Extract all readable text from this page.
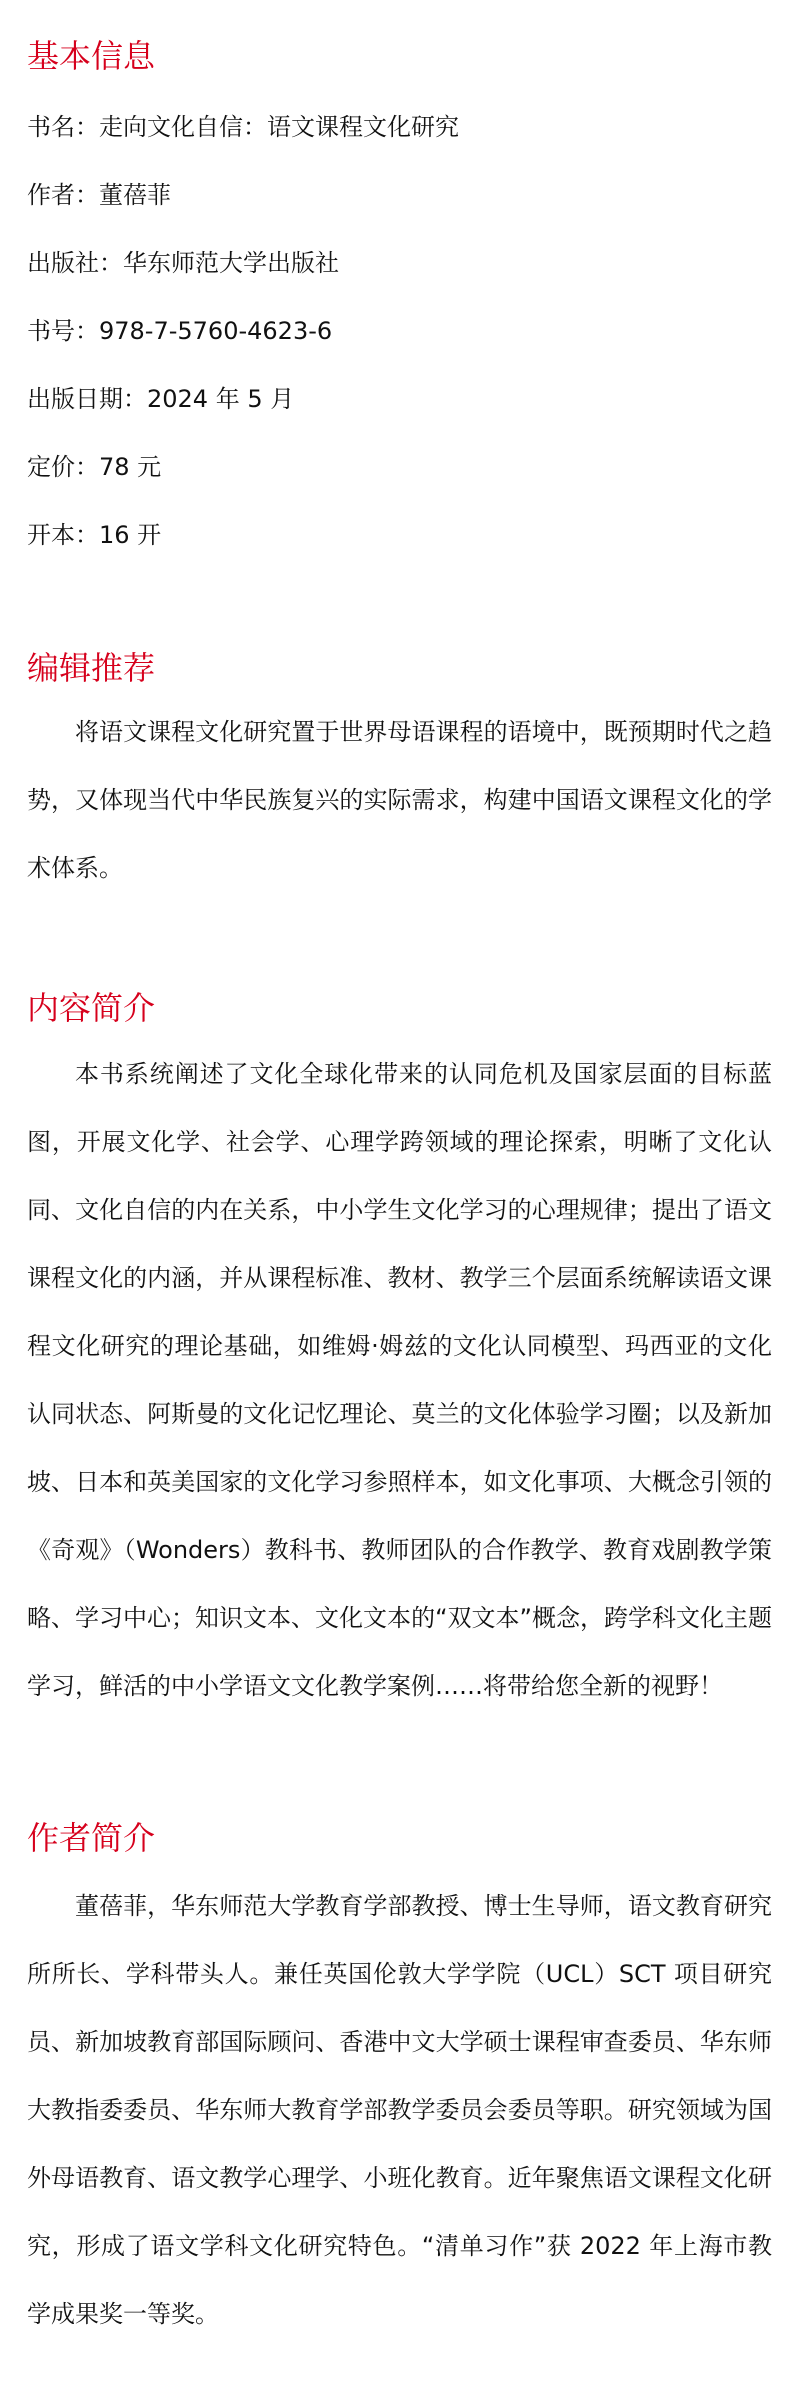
基本信息

书名：走向文化自信：语文课程文化研究

作者：董蓓菲

出版社：华东师范大学出版社

书号：978-7-5760-4623-6

出版日期：2024 年 5 月

定价：78 元

开本：16 开

编辑推荐

将语文课程文化研究置于世界母语课程的语境中，既预期时代之趋势，又体现当代中华民族复兴的实际需求，构建中国语文课程文化的学术体系。

内容简介

本书系统阐述了文化全球化带来的认同危机及国家层面的目标蓝图，开展文化学、社会学、心理学跨领域的理论探索，明晰了文化认同、文化自信的内在关系，中小学生文化学习的心理规律；提出了语文课程文化的内涵，并从课程标准、教材、教学三个层面系统解读语文课程文化研究的理论基础，如维姆·姆兹的文化认同模型、玛西亚的文化认同状态、阿斯曼的文化记忆理论、莫兰的文化体验学习圈；以及新加坡、日本和英美国家的文化学习参照样本，如文化事项、大概念引领的《奇观》（Wonders）教科书、教师团队的合作教学、教育戏剧教学策略、学习中心；知识文本、文化文本的“双文本”概念，跨学科文化主题学习，鲜活的中小学语文文化教学案例……将带给您全新的视野！

作者简介

董蓓菲，华东师范大学教育学部教授、博士生导师，语文教育研究所所长、学科带头人。兼任英国伦敦大学学院（UCL）SCT 项目研究员、新加坡教育部国际顾问、香港中文大学硕士课程审查委员、华东师大教指委委员、华东师大教育学部教学委员会委员等职。研究领域为国外母语教育、语文教学心理学、小班化教育。近年聚焦语文课程文化研究，形成了语文学科文化研究特色。“清单习作”获 2022 年上海市教学成果奖一等奖。
